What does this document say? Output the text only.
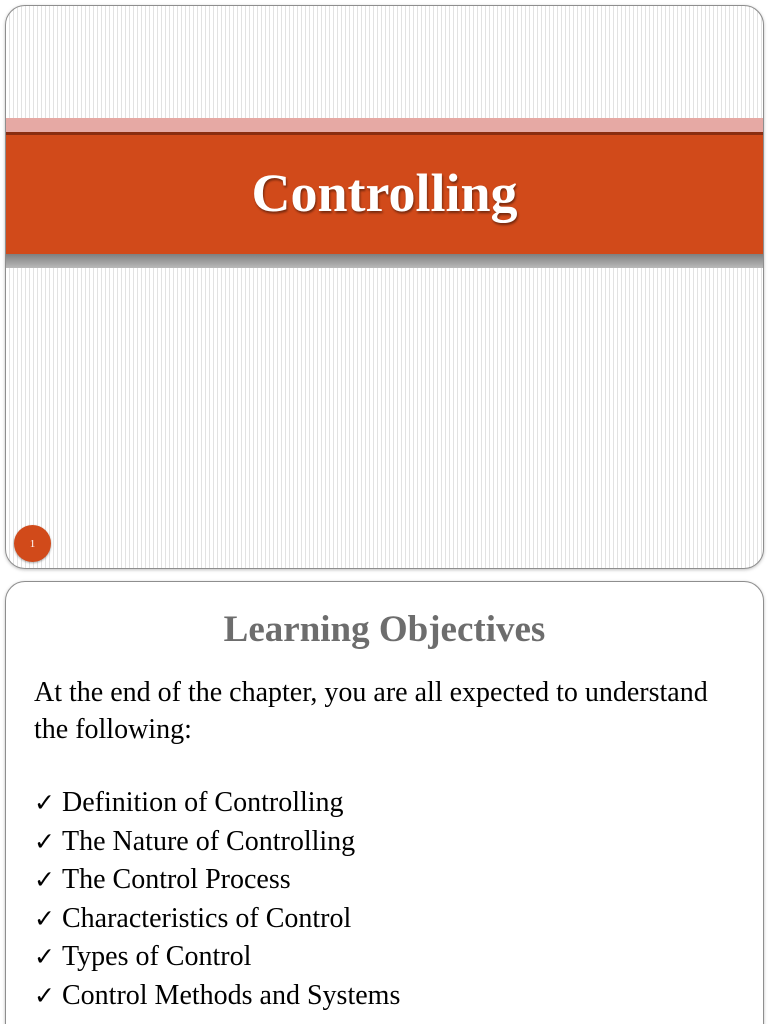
Controlling
1
Learning Objectives

At the end of the chapter, you are all expected to understand the following:

✓ Definition of Controlling
✓ The Nature of Controlling
✓ The Control Process
✓ Characteristics of Control
✓ Types of Control
✓ Control Methods and Systems
